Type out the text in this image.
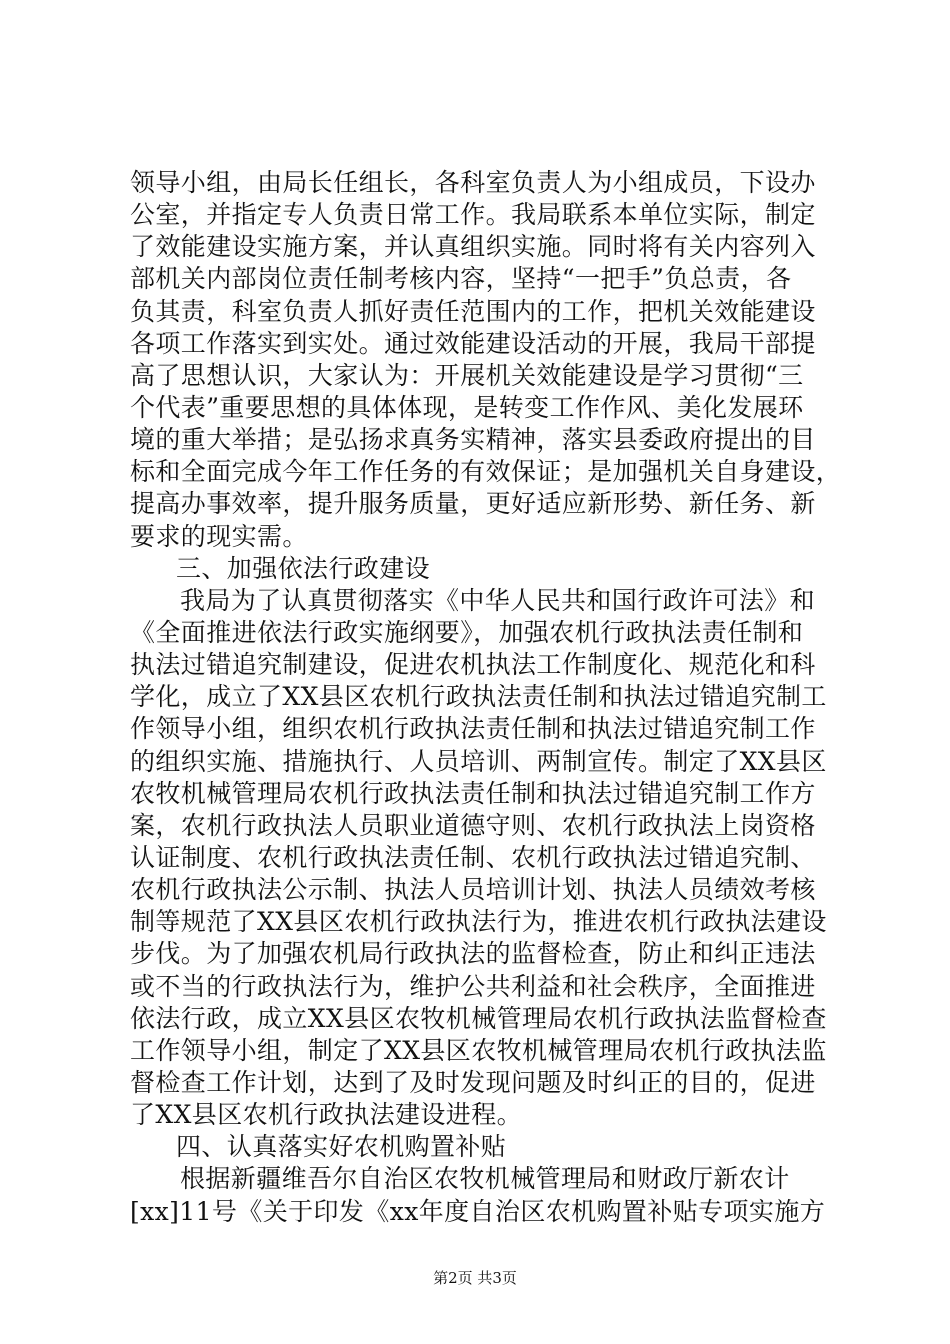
领导小组，由局长任组长，各科室负责人为小组成员，下设办
公室，并指定专人负责日常工作。我局联系本单位实际，制定
了效能建设实施方案，并认真组织实施。同时将有关内容列入
部机关内部岗位责任制考核内容，坚持“一把手”负总责，各
负其责，科室负责人抓好责任范围内的工作，把机关效能建设
各项工作落实到实处。通过效能建设活动的开展，我局干部提
高了思想认识，大家认为：开展机关效能建设是学习贯彻“三
个代表”重要思想的具体体现，是转变工作作风、美化发展环
境的重大举措；是弘扬求真务实精神，落实县委政府提出的目
标和全面完成今年工作任务的有效保证；是加强机关自身建设，
提高办事效率，提升服务质量，更好适应新形势、新任务、新
要求的现实需。
三、加强依法行政建设
我局为了认真贯彻落实《中华人民共和国行政许可法》和
《全面推进依法行政实施纲要》，加强农机行政执法责任制和
执法过错追究制建设，促进农机执法工作制度化、规范化和科
学化，成立了XX县区农机行政执法责任制和执法过错追究制工
作领导小组，组织农机行政执法责任制和执法过错追究制工作
的组织实施、措施执行、人员培训、两制宣传。制定了XX县区
农牧机械管理局农机行政执法责任制和执法过错追究制工作方
案，农机行政执法人员职业道德守则、农机行政执法上岗资格
认证制度、农机行政执法责任制、农机行政执法过错追究制、
农机行政执法公示制、执法人员培训计划、执法人员绩效考核
制等规范了XX县区农机行政执法行为，推进农机行政执法建设
步伐。为了加强农机局行政执法的监督检查，防止和纠正违法
或不当的行政执法行为，维护公共利益和社会秩序，全面推进
依法行政，成立XX县区农牧机械管理局农机行政执法监督检查
工作领导小组，制定了XX县区农牧机械管理局农机行政执法监
督检查工作计划，达到了及时发现问题及时纠正的目的，促进
了XX县区农机行政执法建设进程。
四、认真落实好农机购置补贴
根据新疆维吾尔自治区农牧机械管理局和财政厅新农计
[xx]11号《关于印发《xx年度自治区农机购置补贴专项实施方
第2页 共3页
